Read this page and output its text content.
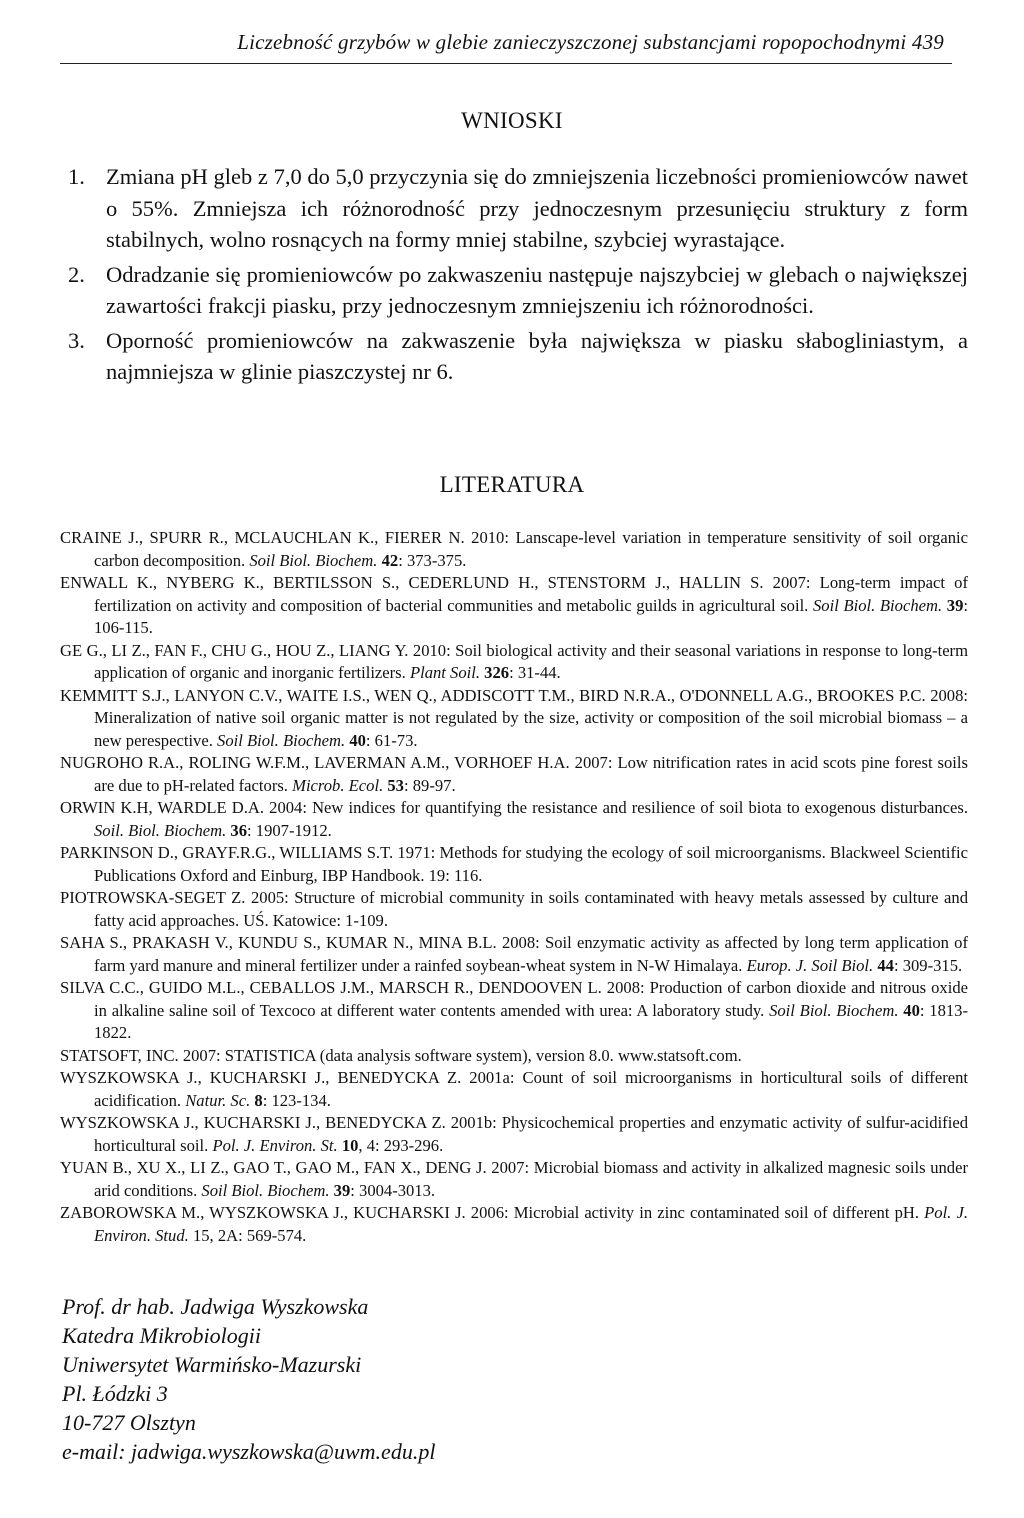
Liczebność grzybów w glebie zanieczyszczonej substancjami ropopochodnymi 439
WNIOSKI
1. Zmiana pH gleb z 7,0 do 5,0 przyczynia się do zmniejszenia liczebności promieniowców nawet o 55%. Zmniejsza ich różnorodność przy jednoczesnym przesunięciu struktury z form stabilnych, wolno rosnących na formy mniej stabilne, szybciej wyrastające.
2. Odradzanie się promieniowców po zakwaszeniu następuje najszybciej w glebach o największej zawartości frakcji piasku, przy jednoczesnym zmniejszeniu ich różnorodności.
3. Oporność promieniowców na zakwaszenie była największa w piasku słabogliniastym, a najmniejsza w glinie piaszczystej nr 6.
LITERATURA
CRAINE J., SPURR R., MCLAUCHLAN K., FIERER N. 2010: Lanscape-level variation in temperature sensitivity of soil organic carbon decomposition. Soil Biol. Biochem. 42: 373-375.
ENWALL K., NYBERG K., BERTILSSON S., CEDERLUND H., STENSTORM J., HALLIN S. 2007: Long-term impact of fertilization on activity and composition of bacterial communities and metabolic guilds in agricultural soil. Soil Biol. Biochem. 39: 106-115.
GE G., LI Z., FAN F., CHU G., HOU Z., LIANG Y. 2010: Soil biological activity and their seasonal variations in response to long-term application of organic and inorganic fertilizers. Plant Soil. 326: 31-44.
KEMMITT S.J., LANYON C.V., WAITE I.S., WEN Q., ADDISCOTT T.M., BIRD N.R.A., O'DONNELL A.G., BROOKES P.C. 2008: Mineralization of native soil organic matter is not regulated by the size, activity or composition of the soil microbial biomass – a new perespective. Soil Biol. Biochem. 40: 61-73.
NUGROHO R.A., ROLING W.F.M., LAVERMAN A.M., VORHOEF H.A. 2007: Low nitrification rates in acid scots pine forest soils are due to pH-related factors. Microb. Ecol. 53: 89-97.
ORWIN K.H, WARDLE D.A. 2004: New indices for quantifying the resistance and resilience of soil biota to exogenous disturbances. Soil. Biol. Biochem. 36: 1907-1912.
PARKINSON D., GRAYF.R.G., WILLIAMS S.T. 1971: Methods for studying the ecology of soil microorganisms. Blackweel Scientific Publications Oxford and Einburg, IBP Handbook. 19: 116.
PIOTROWSKA-SEGET Z. 2005: Structure of microbial community in soils contaminated with heavy metals assessed by culture and fatty acid approaches. UŚ. Katowice: 1-109.
SAHA S., PRAKASH V., KUNDU S., KUMAR N., MINA B.L. 2008: Soil enzymatic activity as affected by long term application of farm yard manure and mineral fertilizer under a rainfed soybean-wheat system in N-W Himalaya. Europ. J. Soil Biol. 44: 309-315.
SILVA C.C., GUIDO M.L., CEBALLOS J.M., MARSCH R., DENDOOVEN L. 2008: Production of carbon dioxide and nitrous oxide in alkaline saline soil of Texcoco at different water contents amended with urea: A laboratory study. Soil Biol. Biochem. 40: 1813-1822.
STATSOFT, INC. 2007: STATISTICA (data analysis software system), version 8.0. www.statsoft.com.
WYSZKOWSKA J., KUCHARSKI J., BENEDYCKA Z. 2001a: Count of soil microorganisms in horticultural soils of different acidification. Natur. Sc. 8: 123-134.
WYSZKOWSKA J., KUCHARSKI J., BENEDYCKA Z. 2001b: Physicochemical properties and enzymatic activity of sulfur-acidified horticultural soil. Pol. J. Environ. St. 10, 4: 293-296.
YUAN B., XU X., LI Z., GAO T., GAO M., FAN X., DENG J. 2007: Microbial biomass and activity in alkalized magnesic soils under arid conditions. Soil Biol. Biochem. 39: 3004-3013.
ZABOROWSKA M., WYSZKOWSKA J., KUCHARSKI J. 2006: Microbial activity in zinc contaminated soil of different pH. Pol. J. Environ. Stud. 15, 2A: 569-574.
Prof. dr hab. Jadwiga Wyszkowska
Katedra Mikrobiologii
Uniwersytet Warmińsko-Mazurski
Pl. Łódzki 3
10-727 Olsztyn
e-mail: jadwiga.wyszkowska@uwm.edu.pl
